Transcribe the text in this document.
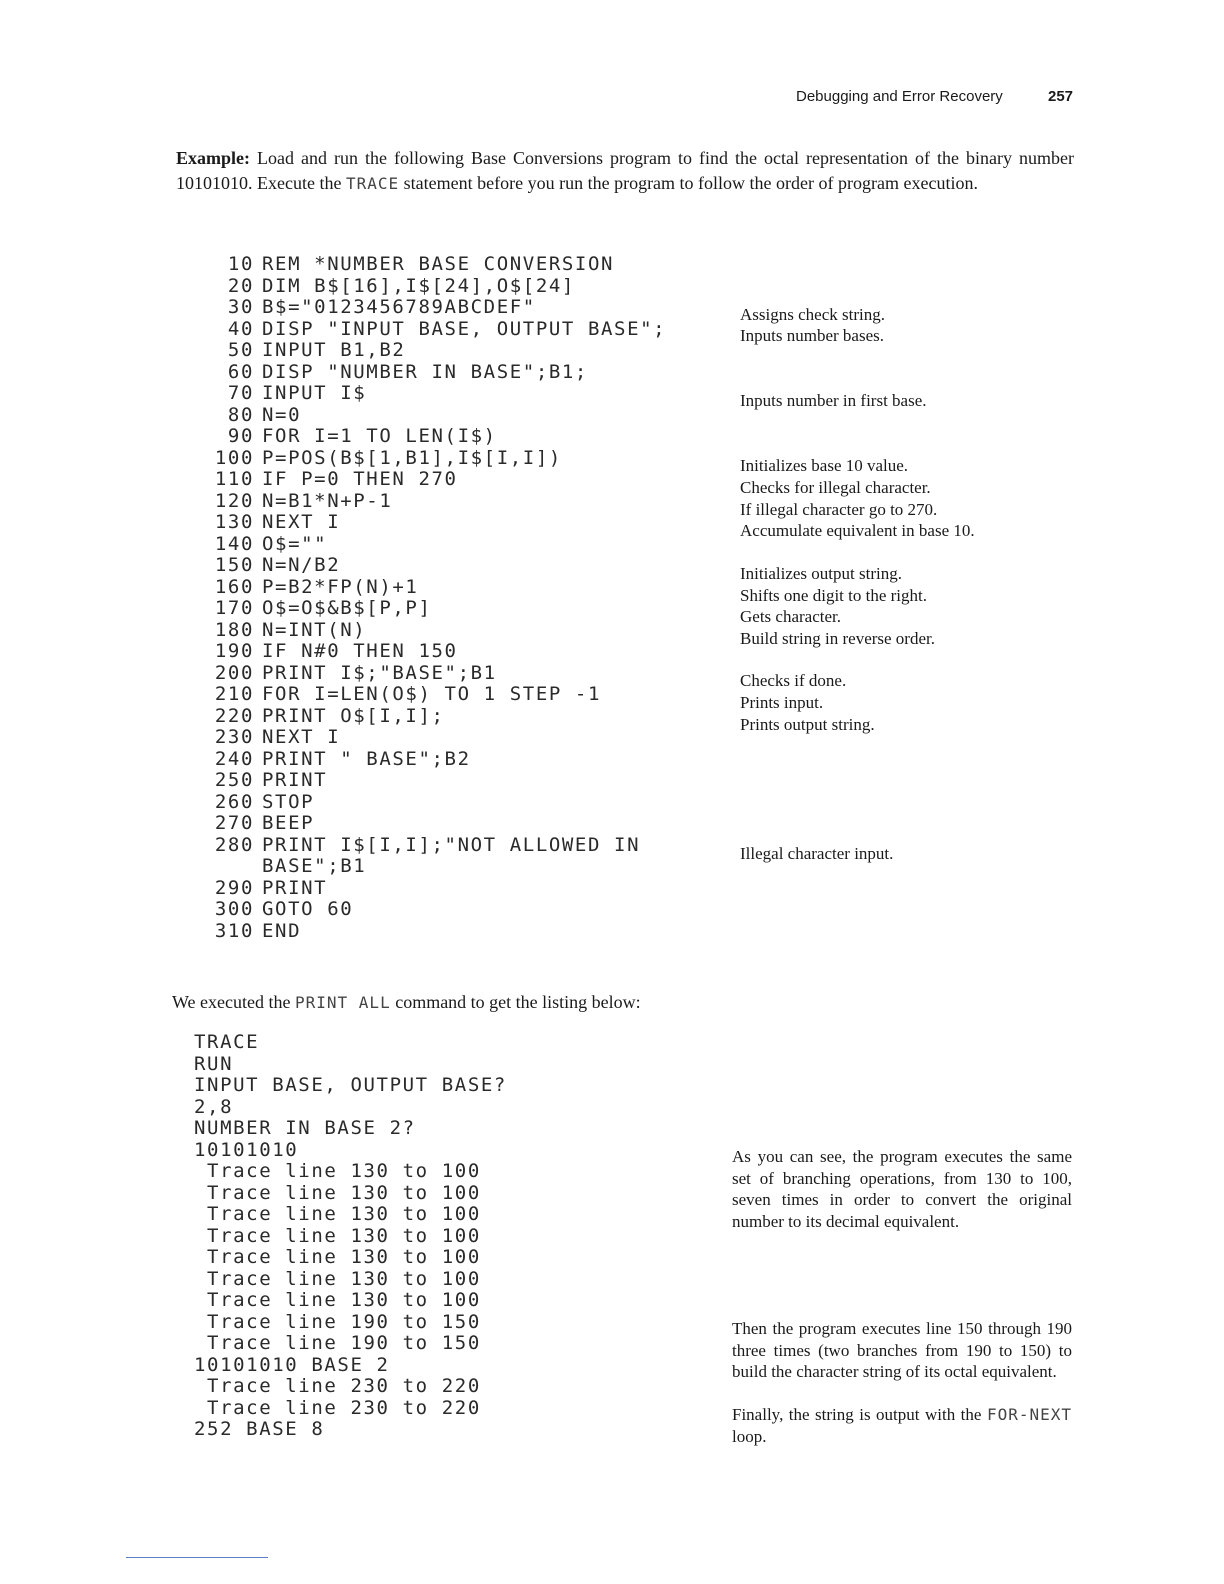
Debugging and Error Recovery	257
Example: Load and run the following Base Conversions program to find the octal representation of the binary number 10101010. Execute the TRACE statement before you run the program to follow the order of program execution.
10 REM *NUMBER BASE CONVERSION
20 DIM B$[16],I$[24],O$[24]
30 B$="0123456789ABCDEF"
40 DISP "INPUT BASE, OUTPUT BASE";
50 INPUT B1,B2
60 DISP "NUMBER IN BASE";B1;
70 INPUT I$
80 N=0
90 FOR I=1 TO LEN(I$)
100 P=POS(B$[1,B1],I$[I,I])
110 IF P=0 THEN 270
120 N=B1*N+P-1
130 NEXT I
140 O$=""
150 N=N/B2
160 P=B2*FP(N)+1
170 O$=O$&B$[P,P]
180 N=INT(N)
190 IF N#0 THEN 150
200 PRINT I$;"BASE";B1
210 FOR I=LEN(O$) TO 1 STEP -1
220 PRINT O$[I,I];
230 NEXT I
240 PRINT " BASE";B2
250 PRINT
260 STOP
270 BEEP
280 PRINT I$[I,I];"NOT ALLOWED IN BASE";B1
290 PRINT
300 GOTO 60
310 END
Assigns check string.
Inputs number bases.
Inputs number in first base.
Initializes base 10 value.
Checks for illegal character.
If illegal character go to 270.
Accumulate equivalent in base 10.
Initializes output string.
Shifts one digit to the right.
Gets character.
Build string in reverse order.
Checks if done.
Prints input.
Prints output string.
Illegal character input.
We executed the PRINT ALL command to get the listing below:
TRACE
RUN
INPUT BASE, OUTPUT BASE?
2,8
NUMBER IN BASE 2?
10101010
Trace line 130 to 100
Trace line 130 to 100
Trace line 130 to 100
Trace line 130 to 100
Trace line 130 to 100
Trace line 130 to 100
Trace line 130 to 100
Trace line 190 to 150
Trace line 190 to 150
10101010 BASE 2
Trace line 230 to 220
Trace line 230 to 220
252 BASE 8
As you can see, the program executes the same set of branching operations, from 130 to 100, seven times in order to convert the original number to its decimal equivalent.
Then the program executes line 150 through 190 three times (two branches from 190 to 150) to build the character string of its octal equivalent.
Finally, the string is output with the FOR-NEXT loop.
